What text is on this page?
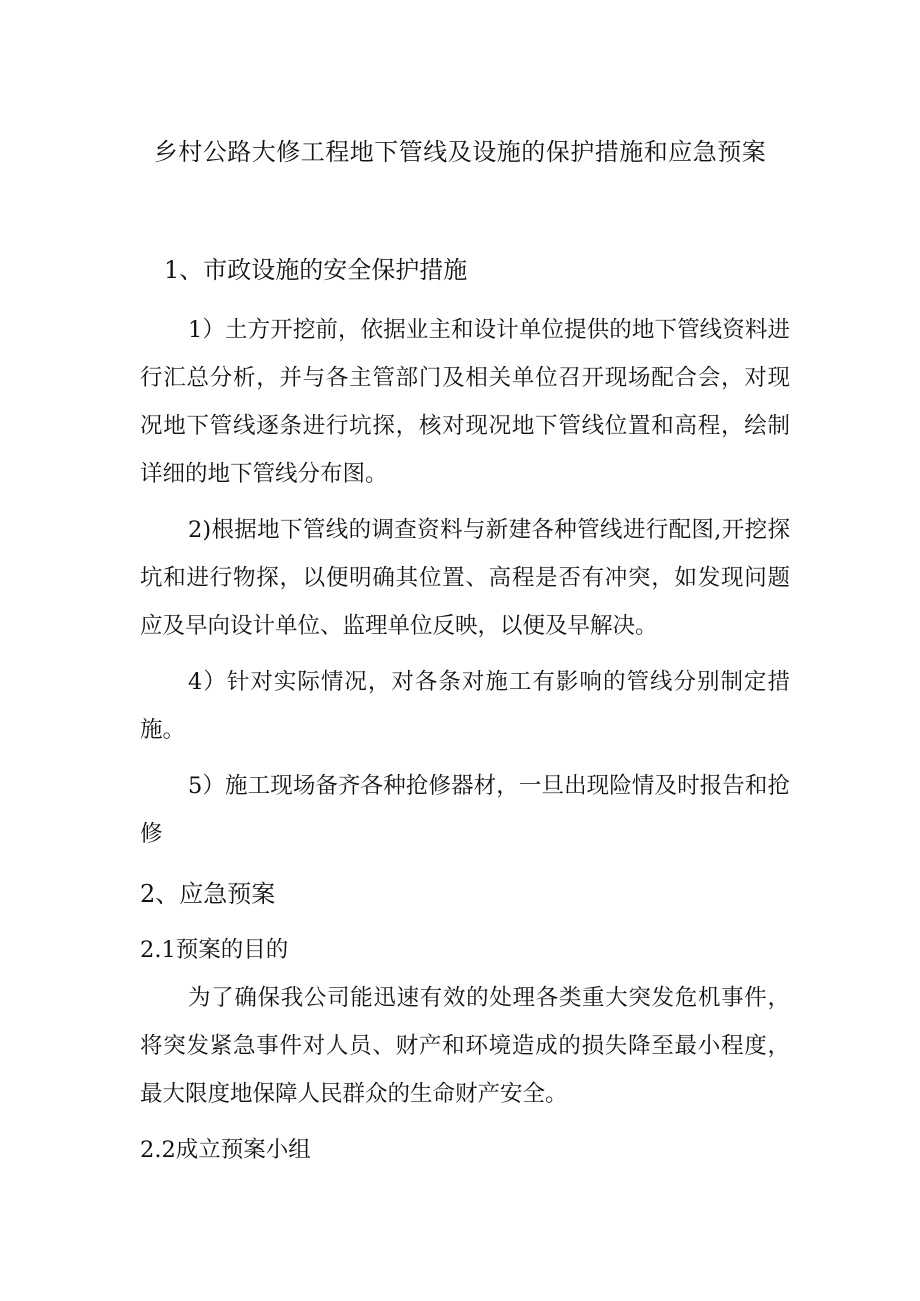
乡村公路大修工程地下管线及设施的保护措施和应急预案
1、市政设施的安全保护措施

1）土方开挖前，依据业主和设计单位提供的地下管线资料进行汇总分析，并与各主管部门及相关单位召开现场配合会，对现况地下管线逐条进行坑探，核对现况地下管线位置和高程，绘制详细的地下管线分布图。

2)根据地下管线的调查资料与新建各种管线进行配图,开挖探坑和进行物探，以便明确其位置、高程是否有冲突，如发现问题应及早向设计单位、监理单位反映，以便及早解决。

4）针对实际情况，对各条对施工有影响的管线分别制定措施。

5）施工现场备齐各种抢修器材，一旦出现险情及时报告和抢修

2、应急预案
2.1预案的目的

为了确保我公司能迅速有效的处理各类重大突发危机事件，将突发紧急事件对人员、财产和环境造成的损失降至最小程度，最大限度地保障人民群众的生命财产安全。

2.2成立预案小组
